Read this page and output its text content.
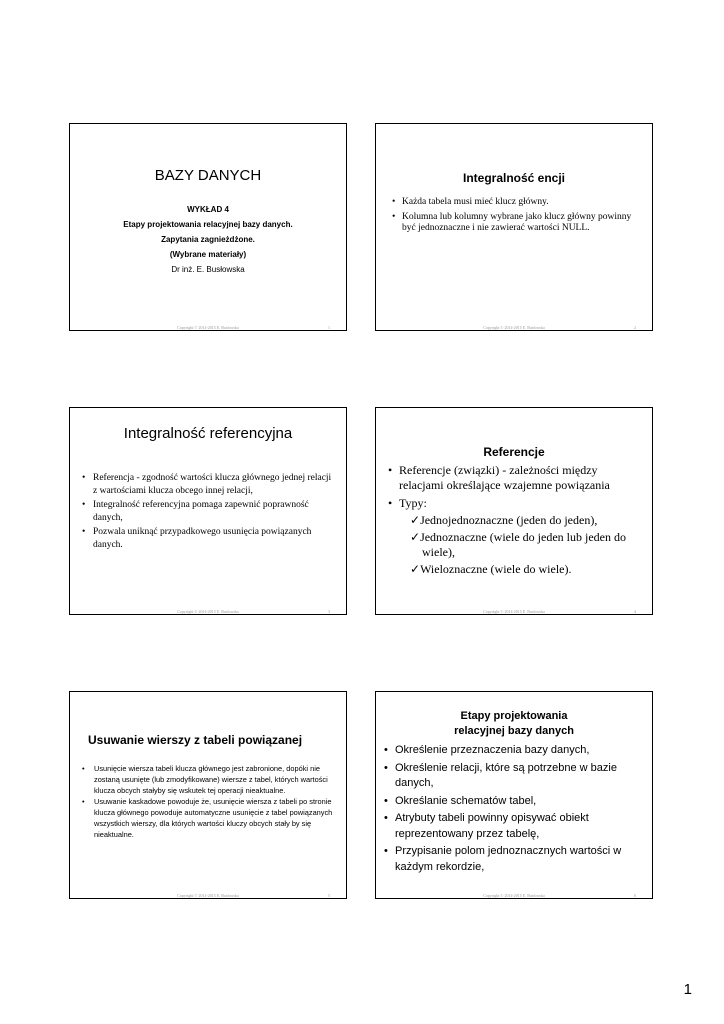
BAZY DANYCH
WYKŁAD 4
Etapy projektowania relacyjnej bazy danych.
Zapytania zagnieżdżone.
(Wybrane materiały)
Dr inż. E. Busłowska
Copyright © 2014-2015 E. Busłowska	1
Integralność encji
• Każda tabela musi mieć klucz główny.
• Kolumna lub kolumny wybrane jako klucz główny powinny być jednoznaczne i nie zawierać wartości NULL.
Copyright © 2014-2015 E. Busłowska	2
Integralność referencyjna
• Referencja - zgodność wartości klucza głównego jednej relacji z wartościami klucza obcego innej relacji,
• Integralność referencyjna pomaga zapewnić poprawność danych,
• Pozwala uniknąć przypadkowego usunięcia powiązanych danych.
Copyright © 2014-2015 E. Busłowska	3
Referencje
• Referencje (związki) - zależności między relacjami określające wzajemne powiązania
• Typy:
✓Jednojednoznaczne (jeden do jeden),
✓Jednoznaczne (wiele do jeden lub jeden do wiele),
✓Wieloznaczne (wiele do wiele).
Copyright © 2014-2015 E. Busłowska	4
Usuwanie wierszy z tabeli powiązanej
• Usunięcie wiersza tabeli klucza głównego jest zabronione, dopóki nie zostaną usunięte (lub zmodyfikowane) wiersze z tabel, których wartości klucza obcych stałyby się wskutek tej operacji nieaktualne.
• Usuwanie kaskadowe powoduje że, usunięcie wiersza z tabeli po stronie klucza głównego powoduje automatyczne usunięcie z tabel powiązanych wszystkich wierszy, dla których wartości kluczy obcych stały by się nieaktualne.
Copyright © 2014-2015 E. Busłowska	5
Etapy projektowania
relacyjnej bazy danych
• Określenie przeznaczenia bazy danych,
• Określenie relacji, które są potrzebne w bazie danych,
• Określanie schematów tabel,
• Atrybuty tabeli powinny opisywać obiekt reprezentowany przez tabelę,
• Przypisanie polom jednoznacznych wartości w każdym rekordzie,
Copyright © 2014-2015 E. Busłowska	6
1
